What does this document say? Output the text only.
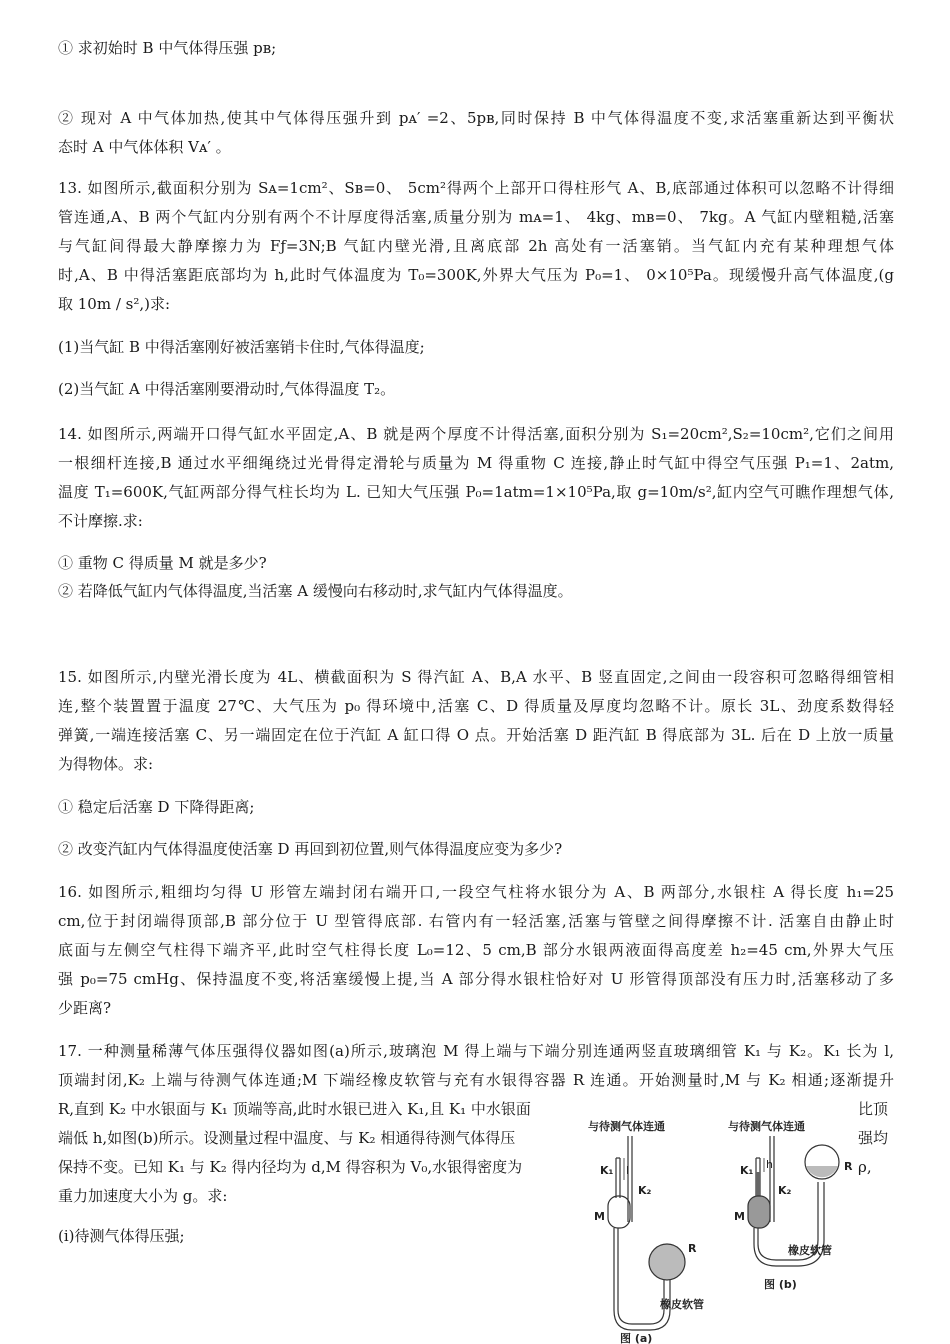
① 求初始时 B 中气体得压强 pʙ;

② 现对 A 中气体加热,使其中气体得压强升到 pᴀ′ =2、5pʙ,同时保持 B 中气体得温度不变,求活塞重新达到平衡状
态时 A 中气体体积 Vᴀ′ 。

13. 如图所示,截面积分别为 Sᴀ=1cm²、Sʙ=0、 5cm²得两个上部开口得柱形气 A、B,底部通过体积可以忽略不计得细
管连通,A、B 两个气缸内分别有两个不计厚度得活塞,质量分别为 mᴀ=1、 4kg、mʙ=0、 7kg。A 气缸内壁粗糙,活塞
与气缸间得最大静摩擦力为 Fƒ=3N;B 气缸内壁光滑,且离底部 2h 高处有一活塞销。当气缸内充有某种理想气体
时,A、B 中得活塞距底部均为 h,此时气体温度为 T₀=300K,外界大气压为 P₀=1、 0×10⁵Pa。现缓慢升高气体温度,(g
取 10m / s²,)求:

(1)当气缸 B 中得活塞刚好被活塞销卡住时,气体得温度;

(2)当气缸 A 中得活塞刚要滑动时,气体得温度 T₂。

14. 如图所示,两端开口得气缸水平固定,A、B 就是两个厚度不计得活塞,面积分别为 S₁=20cm²,S₂=10cm²,它们之间用
一根细杆连接,B 通过水平细绳绕过光骨得定滑轮与质量为 M 得重物 C 连接,静止时气缸中得空气压强 P₁=1、2atm,
温度 T₁=600K,气缸两部分得气柱长均为 L. 已知大气压强 P₀=1atm=1×10⁵Pa,取 g=10m/s²,缸内空气可瞧作理想气体,
不计摩擦.求:

① 重物 C 得质量 M 就是多少?
② 若降低气缸内气体得温度,当活塞 A 缓慢向右移动时,求气缸内气体得温度。

15. 如图所示,内壁光滑长度为 4L、横截面积为 S 得汽缸 A、B,A 水平、B 竖直固定,之间由一段容积可忽略得细管相
连,整个装置置于温度 27℃、大气压为 p₀ 得环境中,活塞 C、D 得质量及厚度均忽略不计。原长 3L、劲度系数得轻
弹簧,一端连接活塞 C、另一端固定在位于汽缸 A 缸口得 O 点。开始活塞 D 距汽缸 B 得底部为 3L. 后在 D 上放一质量
为得物体。求:

① 稳定后活塞 D 下降得距离;

② 改变汽缸内气体得温度使活塞 D 再回到初位置,则气体得温度应变为多少?

16. 如图所示,粗细均匀得 U 形管左端封闭右端开口,一段空气柱将水银分为 A、B 两部分,水银柱 A 得长度 h₁=25
cm,位于封闭端得顶部,B 部分位于 U 型管得底部. 右管内有一轻活塞,活塞与管壁之间得摩擦不计. 活塞自由静止时
底面与左侧空气柱得下端齐平,此时空气柱得长度 L₀=12、5 cm,B 部分水银两液面得高度差 h₂=45 cm,外界大气压
强 p₀=75 cmHg、保持温度不变,将活塞缓慢上提,当 A 部分得水银柱恰好对 U 形管得顶部没有压力时,活塞移动了多
少距离?

17. 一种测量稀薄气体压强得仪器如图(a)所示,玻璃泡 M 得上端与下端分别连通两竖直玻璃细管 K₁ 与 K₂。K₁ 长为 l,
顶端封闭,K₂ 上端与待测气体连通;M 下端经橡皮软管与充有水银得容器 R 连通。开始测量时,M 与 K₂ 相通;逐渐提升

R,直到 K₂ 中水银面与 K₁ 顶端等高,此时水银已进入 K₁,且 K₁ 中水银面
端低 h,如图(b)所示。设测量过程中温度、与 K₂ 相通得待测气体得压
保持不变。已知 K₁ 与 K₂ 得内径均为 d,M 得容积为 V₀,水银得密度为
重力加速度大小为 g。求:
比顶
强均
ρ,

(i)待测气体得压强;

与待测气体连通
l
K₁
K₂
M
R
橡皮软管
图 (a)
与待测气体连通
h
K₁
K₂
M
R
橡皮软管
图 (b)
